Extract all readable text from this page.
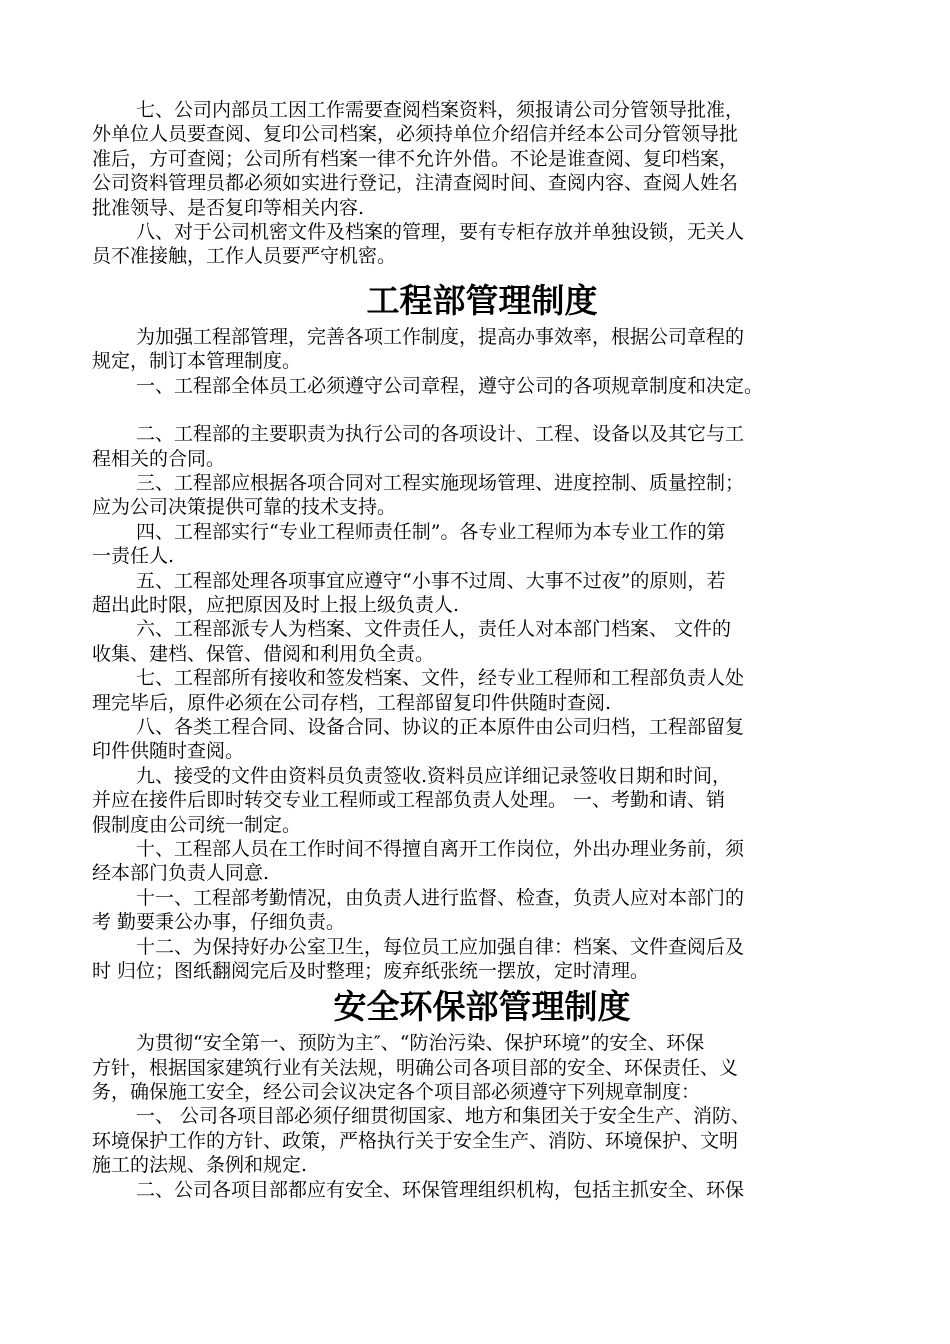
七、公司内部员工因工作需要查阅档案资料，须报请公司分管领导批准，
外单位人员要查阅、复印公司档案，必须持单位介绍信并经本公司分管领导批
准后，方可查阅；公司所有档案一律不允许外借。不论是谁查阅、复印档案，
公司资料管理员都必须如实进行登记，注清查阅时间、查阅内容、查阅人姓名
批准领导、是否复印等相关内容.
八、对于公司机密文件及档案的管理，要有专柜存放并单独设锁，无关人
员不准接触，工作人员要严守机密。
工程部管理制度
为加强工程部管理，完善各项工作制度，提高办事效率，根据公司章程的
规定，制订本管理制度。
一、工程部全体员工必须遵守公司章程，遵守公司的各项规章制度和决定。
二、工程部的主要职责为执行公司的各项设计、工程、设备以及其它与工
程相关的合同。
三、工程部应根据各项合同对工程实施现场管理、进度控制、质量控制；
应为公司决策提供可靠的技术支持。
四、工程部实行“专业工程师责任制”。各专业工程师为本专业工作的第
一责任人.
五、工程部处理各项事宜应遵守“小事不过周、大事不过夜”的原则，若
超出此时限，应把原因及时上报上级负责人.
六、工程部派专人为档案、文件责任人，责任人对本部门档案、 文件的
收集、建档、保管、借阅和利用负全责。
七、工程部所有接收和签发档案、文件，经专业工程师和工程部负责人处
理完毕后，原件必须在公司存档，工程部留复印件供随时查阅.
八、各类工程合同、设备合同、协议的正本原件由公司归档，工程部留复
印件供随时查阅。
九、接受的文件由资料员负责签收.资料员应详细记录签收日期和时间，
并应在接件后即时转交专业工程师或工程部负责人处理。 一、考勤和请、销
假制度由公司统一制定。
十、工程部人员在工作时间不得擅自离开工作岗位，外出办理业务前，须
经本部门负责人同意.
十一、工程部考勤情况，由负责人进行监督、检查，负责人应对本部门的
考 勤要秉公办事，仔细负责。
十二、为保持好办公室卫生，每位员工应加强自律：档案、文件查阅后及
时 归位；图纸翻阅完后及时整理；废弃纸张统一摆放，定时清理。
安全环保部管理制度
为贯彻“安全第一、预防为主″、“防治污染、保护环境”的安全、环保
方针，根据国家建筑行业有关法规，明确公司各项目部的安全、环保责任、义
务，确保施工安全，经公司会议决定各个项目部必须遵守下列规章制度：
一、 公司各项目部必须仔细贯彻国家、地方和集团关于安全生产、消防、
环境保护工作的方针、政策，严格执行关于安全生产、消防、环境保护、文明
施工的法规、条例和规定.
二、公司各项目部都应有安全、环保管理组织机构，包括主抓安全、环保
